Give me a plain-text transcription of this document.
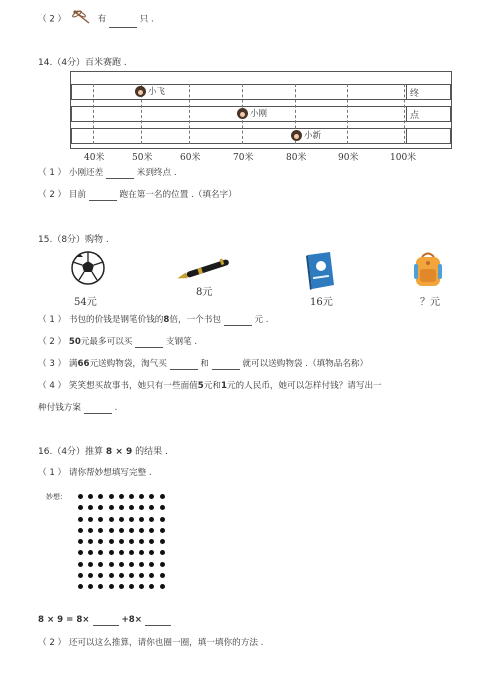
（ 2 ）	有	只 .
14.（4分）百米赛跑 .
终
点
小飞
小刚
小新
40米	50米	60米	70米	80米	90米	100米
（ 1 ） 小刚还差	米到终点 .
（ 2 ） 目前	跑在第一名的位置 .（填名字）
15.（8分）购物 .
54元
8元
16元	？元
（ 1 ） 书包的价钱是钢笔价钱的8倍，一个书包	元 .
（ 2 ） 50元最多可以买	支钢笔 .
（ 3 ） 满66元送购物袋，淘气买	和	就可以送购物袋 .（填物品名称）
（ 4 ） 笑笑想买故事书，她只有一些面值5元和1元的人民币，她可以怎样付钱？请写出一
种付钱方案	.
16.（4分）推算 8 × 9 的结果 .
（ 1 ） 请你帮妙想填写完整 .
妙想：
8 × 9 = 8×	+8×
（ 2 ） 还可以这么推算，请你也圈一圈，填一填你的方法 .
